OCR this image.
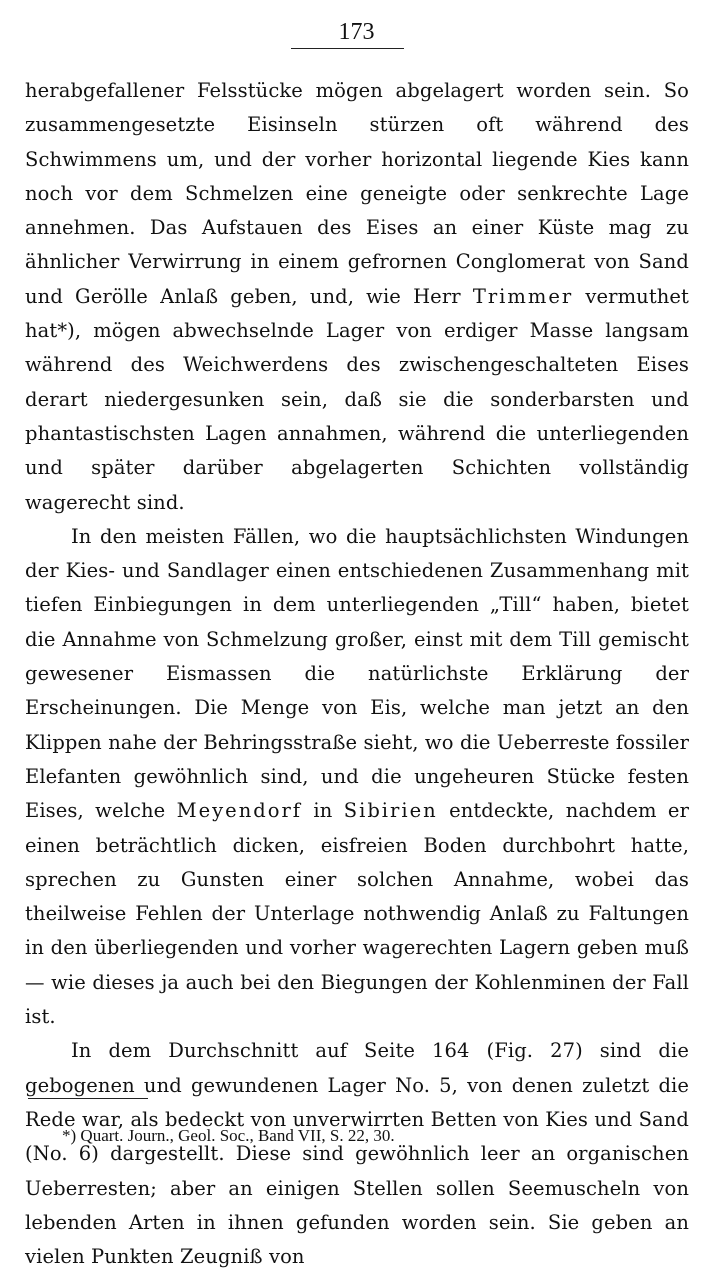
173

herabgefallener Felsstücke mögen abgelagert worden sein. So zusammengesetzte Eisinseln stürzen oft während des Schwimmens um, und der vorher horizontal liegende Kies kann noch vor dem Schmelzen eine geneigte oder senkrechte Lage annehmen. Das Aufstauen des Eises an einer Küste mag zu ähnlicher Verwirrung in einem gefrornen Conglomerat von Sand und Gerölle Anlaß geben, und, wie Herr Trimmer vermuthet hat*), mögen abwechselnde Lager von erdiger Masse langsam während des Weichwerdens des zwischengeschalteten Eises derart niedergesunken sein, daß sie die sonderbarsten und phantastischsten Lagen annahmen, während die unterliegenden und später darüber abgelagerten Schichten vollständig wagerecht sind.

In den meisten Fällen, wo die hauptsächlichsten Windungen der Kies- und Sandlager einen entschiedenen Zusammenhang mit tiefen Einbiegungen in dem unterliegenden „Till“ haben, bietet die Annahme von Schmelzung großer, einst mit dem Till gemischt gewesener Eismassen die natürlichste Erklärung der Erscheinungen. Die Menge von Eis, welche man jetzt an den Klippen nahe der Behringsstraße sieht, wo die Ueberreste fossiler Elefanten gewöhnlich sind, und die ungeheuren Stücke festen Eises, welche Meyendorf in Sibirien entdeckte, nachdem er einen beträchtlich dicken, eisfreien Boden durchbohrt hatte, sprechen zu Gunsten einer solchen Annahme, wobei das theilweise Fehlen der Unterlage nothwendig Anlaß zu Faltungen in den überliegenden und vorher wagerechten Lagern geben muß — wie dieses ja auch bei den Biegungen der Kohlenminen der Fall ist.

In dem Durchschnitt auf Seite 164 (Fig. 27) sind die gebogenen und gewundenen Lager No. 5, von denen zuletzt die Rede war, als bedeckt von unverwirrten Betten von Kies und Sand (No. 6) dargestellt. Diese sind gewöhnlich leer an organischen Ueberresten; aber an einigen Stellen sollen Seemuscheln von lebenden Arten in ihnen gefunden worden sein. Sie geben an vielen Punkten Zeugniß von

*) Quart. Journ., Geol. Soc., Band VII, S. 22, 30.
